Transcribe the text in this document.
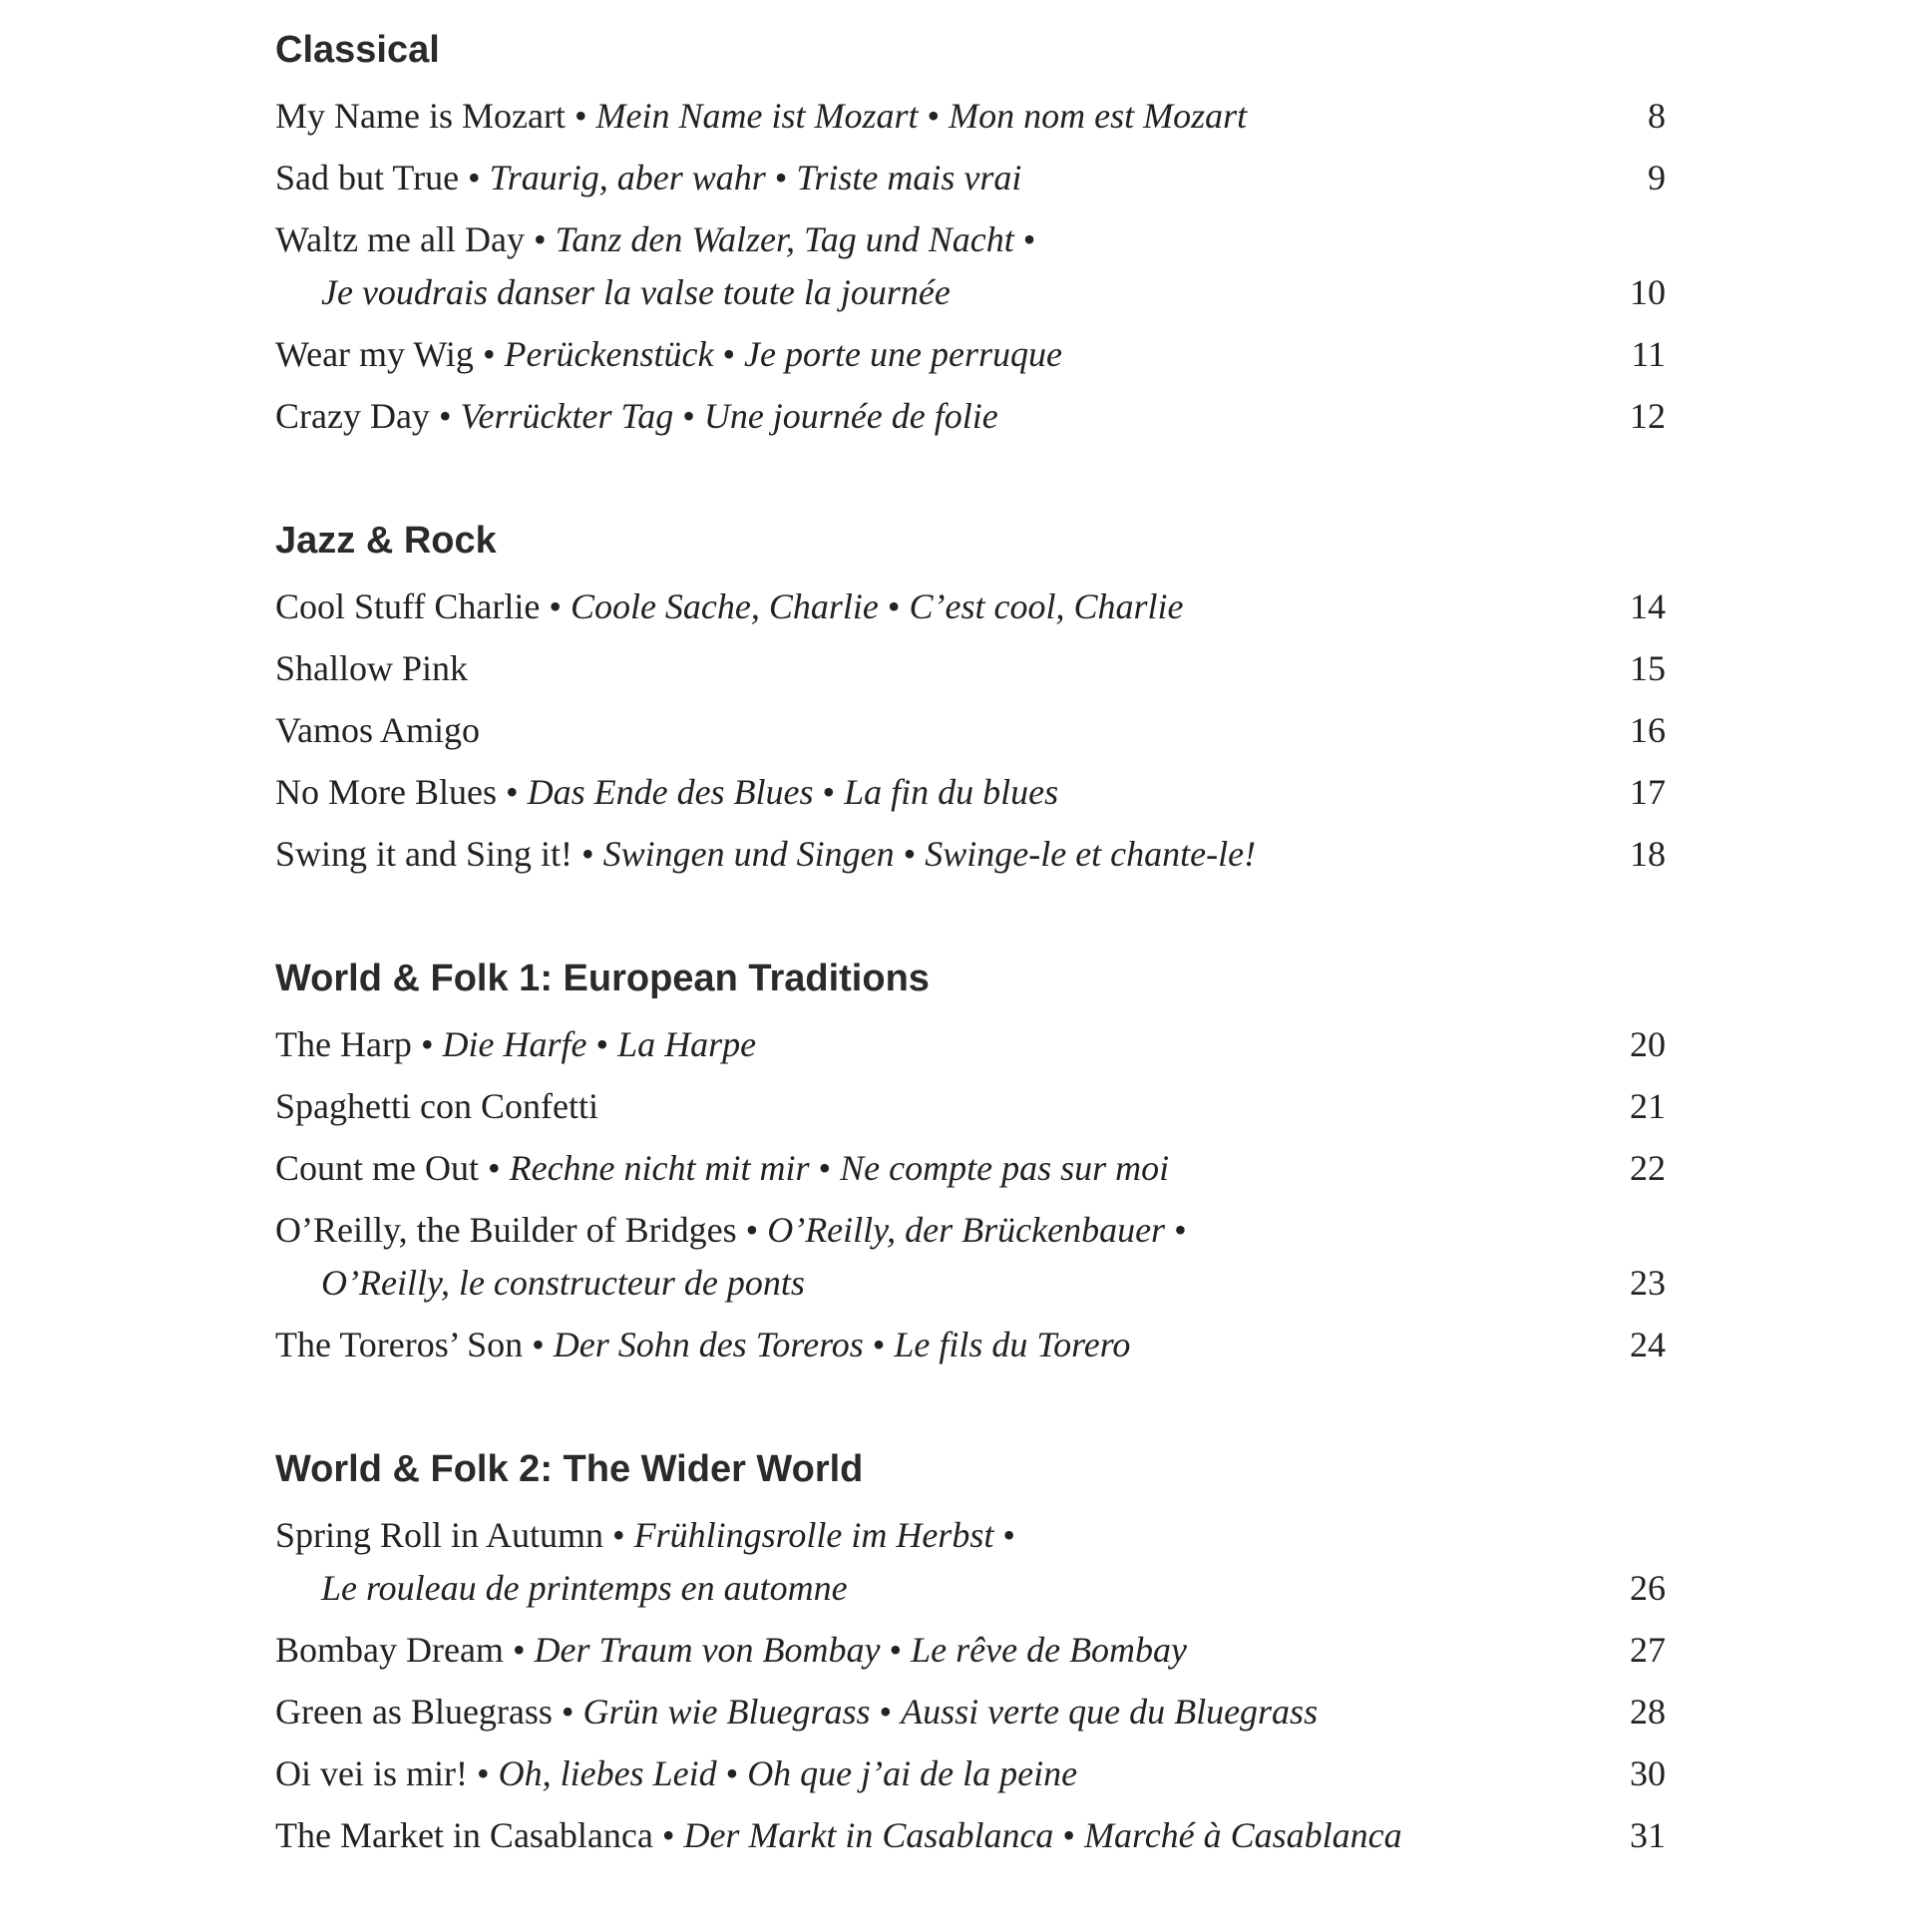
Classical
My Name is Mozart • Mein Name ist Mozart • Mon nom est Mozart	8
Sad but True • Traurig, aber wahr • Triste mais vrai	9
Waltz me all Day • Tanz den Walzer, Tag und Nacht •
Je voudrais danser la valse toute la journée	10
Wear my Wig • Perückenstück • Je porte une perruque	11
Crazy Day • Verrückter Tag • Une journée de folie	12
Jazz & Rock
Cool Stuff Charlie • Coole Sache, Charlie • C’est cool, Charlie	14
Shallow Pink	15
Vamos Amigo	16
No More Blues • Das Ende des Blues • La fin du blues	17
Swing it and Sing it! • Swingen und Singen • Swinge-le et chante-le!	18
World & Folk 1: European Traditions
The Harp • Die Harfe • La Harpe	20
Spaghetti con Confetti	21
Count me Out • Rechne nicht mit mir • Ne compte pas sur moi	22
O’Reilly, the Builder of Bridges • O’Reilly, der Brückenbauer •
O’Reilly, le constructeur de ponts	23
The Toreros’ Son • Der Sohn des Toreros • Le fils du Torero	24
World & Folk 2: The Wider World
Spring Roll in Autumn • Frühlingsrolle im Herbst •
Le rouleau de printemps en automne	26
Bombay Dream • Der Traum von Bombay • Le rêve de Bombay	27
Green as Bluegrass • Grün wie Bluegrass • Aussi verte que du Bluegrass	28
Oi vei is mir! • Oh, liebes Leid • Oh que j’ai de la peine	30
The Market in Casablanca • Der Markt in Casablanca • Marché à Casablanca	31
